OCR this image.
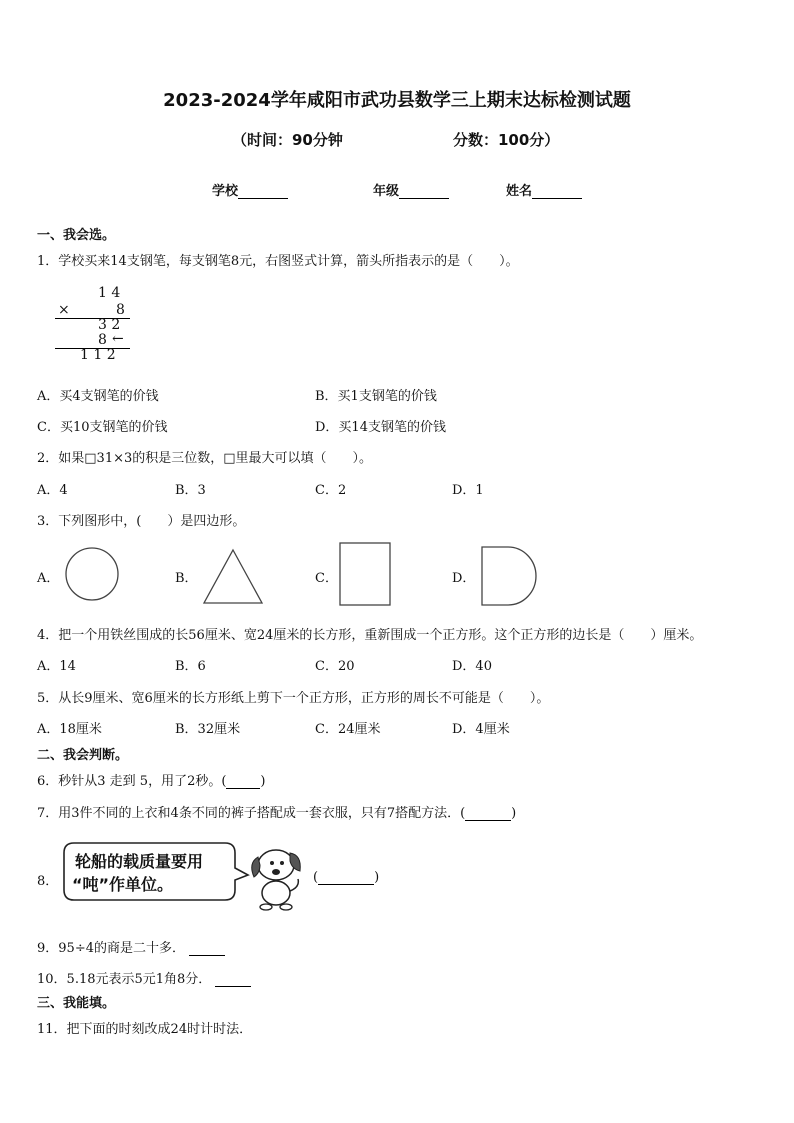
2023-2024学年咸阳市武功县数学三上期末达标检测试题
（时间：90分钟	分数：100分）
学校	年级	姓名
一、我会选。
1．学校买来14支钢笔，每支钢笔8元，右图竖式计算，箭头所指表示的是（　　）。
1 4
×	8
3 2
8 ←
1 1 2
A．买4支钢笔的价钱	B．买1支钢笔的价钱
C．买10支钢笔的价钱	D．买14支钢笔的价钱
2．如果□31×3的积是三位数，□里最大可以填（　　）。
A．4	B．3	C．2	D．1
3．下列图形中，(　　）是四边形。
A．	B．	C．	D．
4．把一个用铁丝围成的长56厘米、宽24厘米的长方形，重新围成一个正方形。这个正方形的边长是（　　）厘米。
A．14	B．6	C．20	D．40
5．从长9厘米、宽6厘米的长方形纸上剪下一个正方形，正方形的周长不可能是（　　）。
A．18厘米	B．32厘米	C．24厘米	D．4厘米
二、我会判断。
6．秒针从3 走到 5，用了2秒。(	)
7．用3件不同的上衣和4条不同的裤子搭配成一套衣服，只有7搭配方法．(	)
8．
轮船的载质量要用
“吨”作单位。	(	)
9．95÷4的商是二十多．
10．5.18元表示5元1角8分．
三、我能填。
11．把下面的时刻改成24时计时法．
